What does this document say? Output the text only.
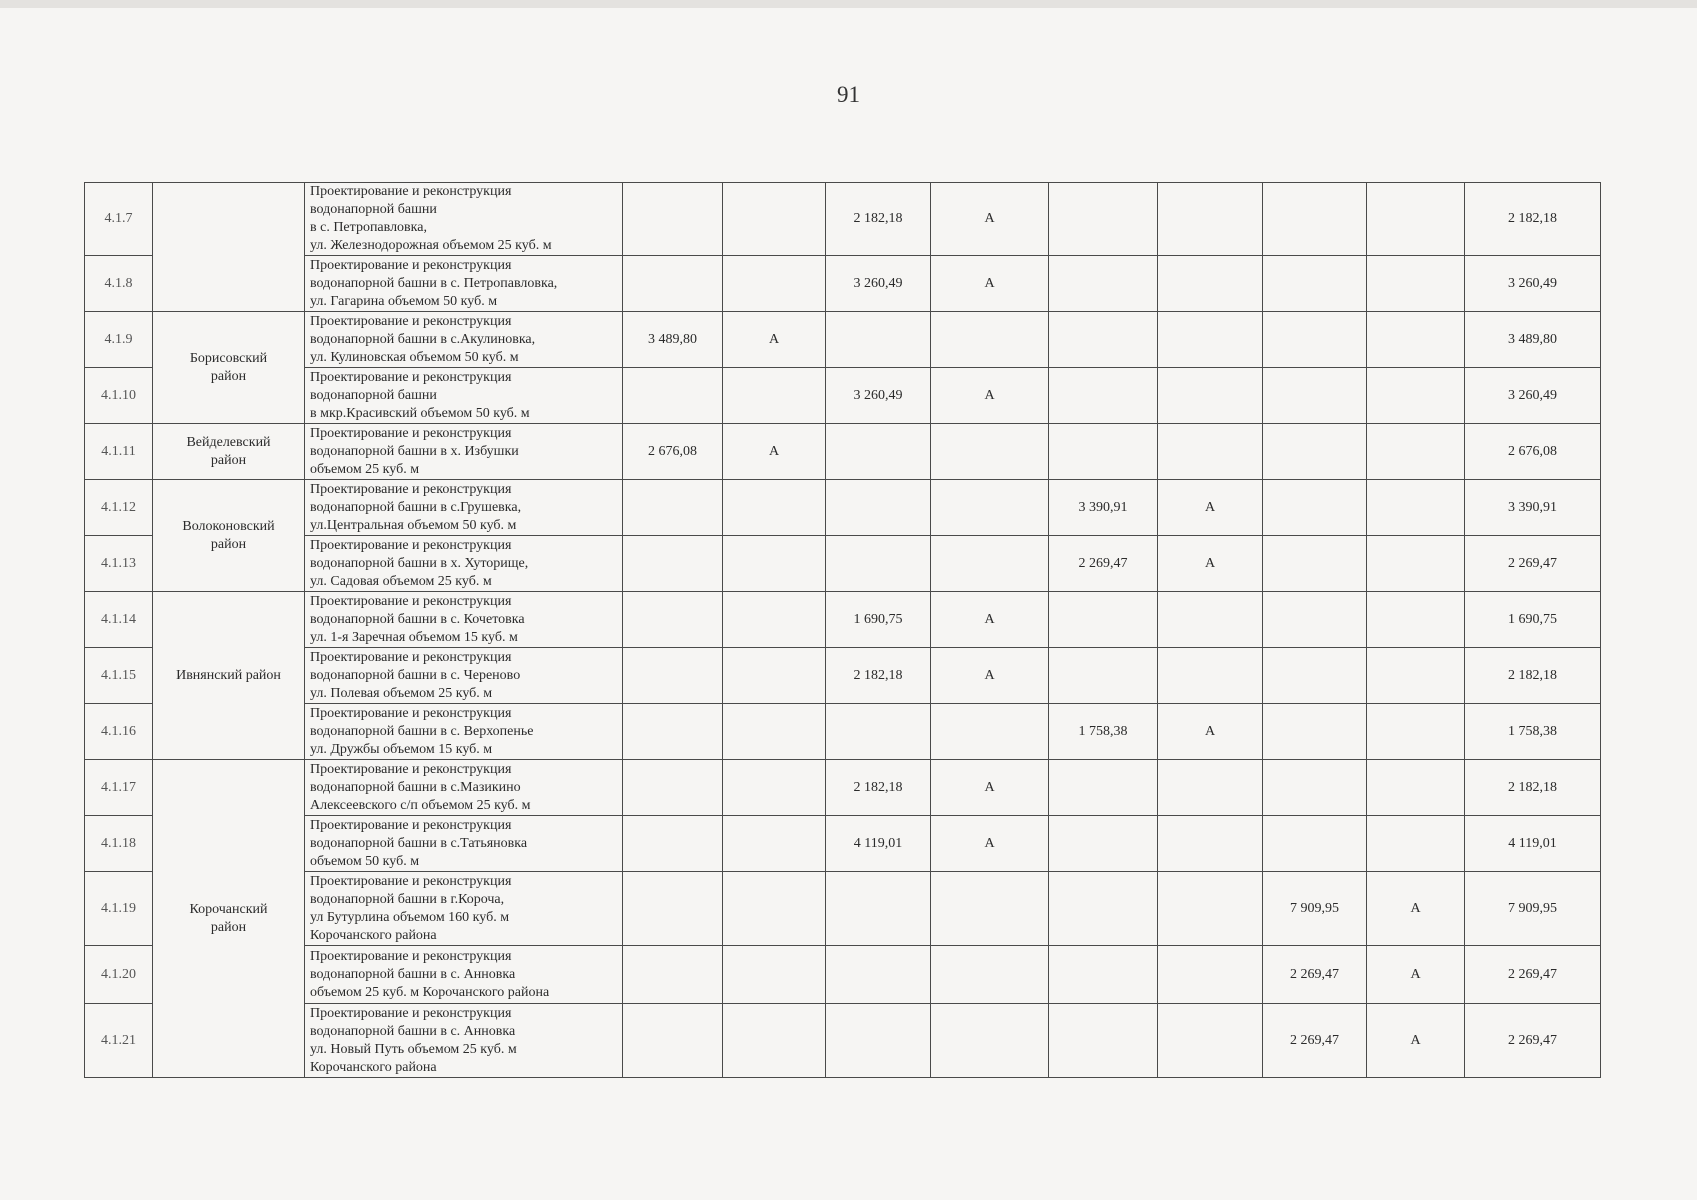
91
4.1.7		Проектирование и реконструкция
водонапорной башни
в с. Петропавловка,
ул. Железнодорожная объемом 25 куб. м			2 182,18	А					2 182,18
4.1.8		Проектирование и реконструкция
водонапорной башни в с. Петропавловка,
ул. Гагарина объемом 50 куб. м			3 260,49	А					3 260,49
4.1.9	Борисовский
район	Проектирование и реконструкция
водонапорной башни в с.Акулиновка,
ул. Кулиновская объемом 50 куб. м	3 489,80	А							3 489,80
4.1.10		Проектирование и реконструкция
водонапорной башни
в мкр.Красивский объемом 50 куб. м			3 260,49	А					3 260,49
4.1.11	Вейделевский
район	Проектирование и реконструкция
водонапорной башни в х. Избушки
объемом 25 куб. м	2 676,08	А							2 676,08
4.1.12	Волоконовский
район	Проектирование и реконструкция
водонапорной башни в с.Грушевка,
ул.Центральная объемом 50 куб. м					3 390,91	А			3 390,91
4.1.13		Проектирование и реконструкция
водонапорной башни в х. Хуторище,
ул. Садовая объемом 25 куб. м					2 269,47	А			2 269,47
4.1.14	Ивнянский район	Проектирование и реконструкция
водонапорной башни в с. Кочетовка
ул. 1-я Заречная объемом 15 куб. м			1 690,75	А					1 690,75
4.1.15		Проектирование и реконструкция
водонапорной башни в с. Череново
ул. Полевая объемом 25 куб. м			2 182,18	А					2 182,18
4.1.16		Проектирование и реконструкция
водонапорной башни в с. Верхопенье
ул. Дружбы объемом 15 куб. м					1 758,38	А			1 758,38
4.1.17	Корочанский
район	Проектирование и реконструкция
водонапорной башни в с.Мазикино
Алексеевского с/п объемом 25 куб. м			2 182,18	А					2 182,18
4.1.18		Проектирование и реконструкция
водонапорной башни в с.Татьяновка
объемом 50 куб. м			4 119,01	А					4 119,01
4.1.19		Проектирование и реконструкция
водонапорной башни в г.Короча,
ул Бутурлина объемом 160 куб. м
Корочанского района							7 909,95	А	7 909,95
4.1.20		Проектирование и реконструкция
водонапорной башни в с. Анновка
объемом 25 куб. м Корочанского района							2 269,47	А	2 269,47
4.1.21		Проектирование и реконструкция
водонапорной башни в с. Анновка
ул. Новый Путь объемом 25 куб. м
Корочанского района							2 269,47	А	2 269,47
